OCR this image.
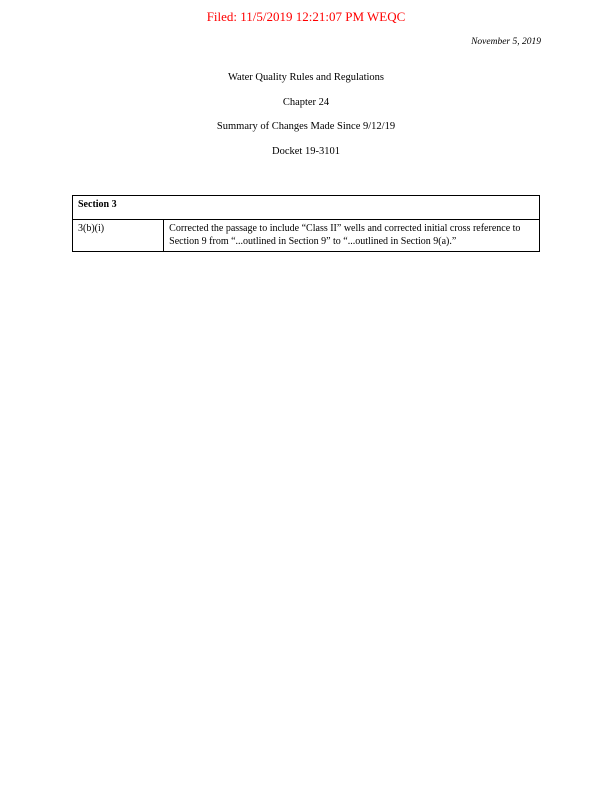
Filed: 11/5/2019 12:21:07 PM WEQC
November 5, 2019
Water Quality Rules and Regulations
Chapter 24
Summary of Changes Made Since 9/12/19
Docket 19-3101
Section 3
3(b)(i)	Corrected the passage to include “Class II” wells and corrected initial cross reference to Section 9 from “...outlined in Section 9” to “...outlined in Section 9(a).”
